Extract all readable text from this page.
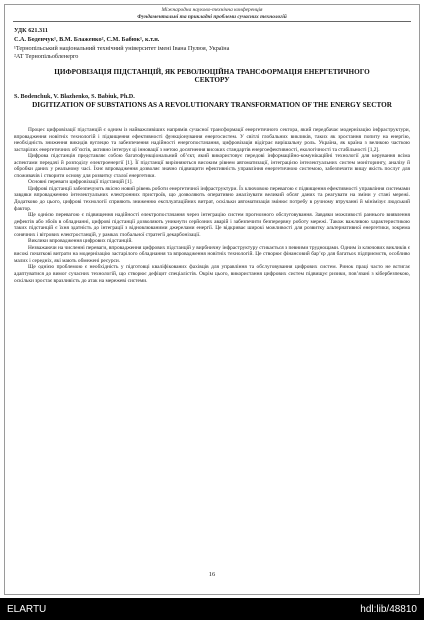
Міжнародна науково-технічна конференція
Фундаментальні та прикладні проблеми сучасних технологій
УДК 621.311
С.А. Боденчук¹, В.М. Блаженко², С.М. Бабюк¹, к.т.н.
¹Тернопільський національний технічний університет імені Івана Пулюя, Україна
²АТ Тернопільобленерго
ЦИФРОВІЗАЦІЯ ПІДСТАНЦІЙ, ЯК РЕВОЛЮЦІЙНА ТРАНСФОРМАЦІЯ ЕНЕРГЕТИЧНОГО СЕКТОРУ
S. Bodenchuk, V. Blazhenko, S. Babiuk, Ph.D.
DIGITIZATION OF SUBSTATIONS AS A REVOLUTIONARY TRANSFORMATION OF THE ENERGY SECTOR

Процес цифровізації підстанцій є одним із найважливіших напрямів сучасної трансформації енергетичного сектора, який передбачає модернізацію інфраструктури, впровадження новітніх технологій і підвищення ефективності функціонування енергосистем. У світлі глобальних викликів, таких як зростання попиту на енергію, необхідність зниження викидів вуглецю та забезпечення надійності енергопостачання, цифровізація відіграє вирішальну роль. Україна, як країна з великою часткою застарілих енергетичних об’єктів, активно інтегрує ці інновації з метою досягнення високих стандартів енергоефективності, екологічності та стабільності [1,2].

Цифрова підстанція представляє собою багатофункціональний об’єкт, який використовує передові інформаційно-комунікаційні технології для керування всіма аспектами передачі й розподілу електроенергії [1]. Її підстанції вирізняються високим рівнем автоматизації, інтеграцією інтелектуальних систем моніторингу, аналізу й обробки даних у реальному часі. Їхнє впровадження дозволяє значно підвищити ефективність управління енергетичною системою, забезпечити вищу якість послуг для споживачів і створити основу для розвитку сталої енергетики.

Основні переваги цифровізації підстанцій [1].

Цифрові підстанції забезпечують якісно новий рівень роботи енергетичної інфраструктури. Їх ключовою перевагою є підвищення ефективності управління системами завдяки впровадженню інтелектуальних електронних пристроїв, що дозволяють оперативно аналізувати великий обсяг даних та реагувати на зміни у стані мережі. Додатково до цього, цифрові технології сприяють зниженню експлуатаційних витрат, оскільки автоматизація змінює потребу в ручному втручанні й мінімізує людський фактор.

Ще однією перевагою є підвищення надійності електропостачання через інтеграцію систем прогнозного обслуговування. Завдяки можливості раннього виявлення дефектів або збоїв в обладнанні, цифрові підстанції дозволяють уникнути серйозних аварій і забезпечити безперервну роботу мережі. Також важливою характеристикою таких підстанцій є їхня здатність до інтеграції з відновлюваними джерелами енергії. Це відкриває широкі можливості для розвитку альтернативної енергетики, зокрема сонячних і вітрових електростанцій, у рамках глобальної стратегії декарбонізації.

Виклики впровадження цифрових підстанцій.

Незважаючи на численні переваги, впровадження цифрових підстанцій у вирбничну інфраструктуру стикається з певними труднощами. Одним із ключових викликів є високі початкові витрати на модернізацію застарілого обладнання та впровадження новітніх технологій. Це створює фінансовий бар’єр для багатьох підприємств, особливо малих і середніх, які мають обмежені ресурси.

Ще однією проблемою є необхідність у підготовці кваліфікованих фахівців для управління та обслуговування цифрових систем. Ринок праці часто не встигає адаптуватися до вимог сучасних технологій, що створює дефіцит спеціалістів. Окрім цього, використання цифрових систем підвищує ризики, пов’язані з кібербезпекою, оскільки зростає вразливість до атак на мережеві системи.

16
ELARTU	hdl:lib/48810
